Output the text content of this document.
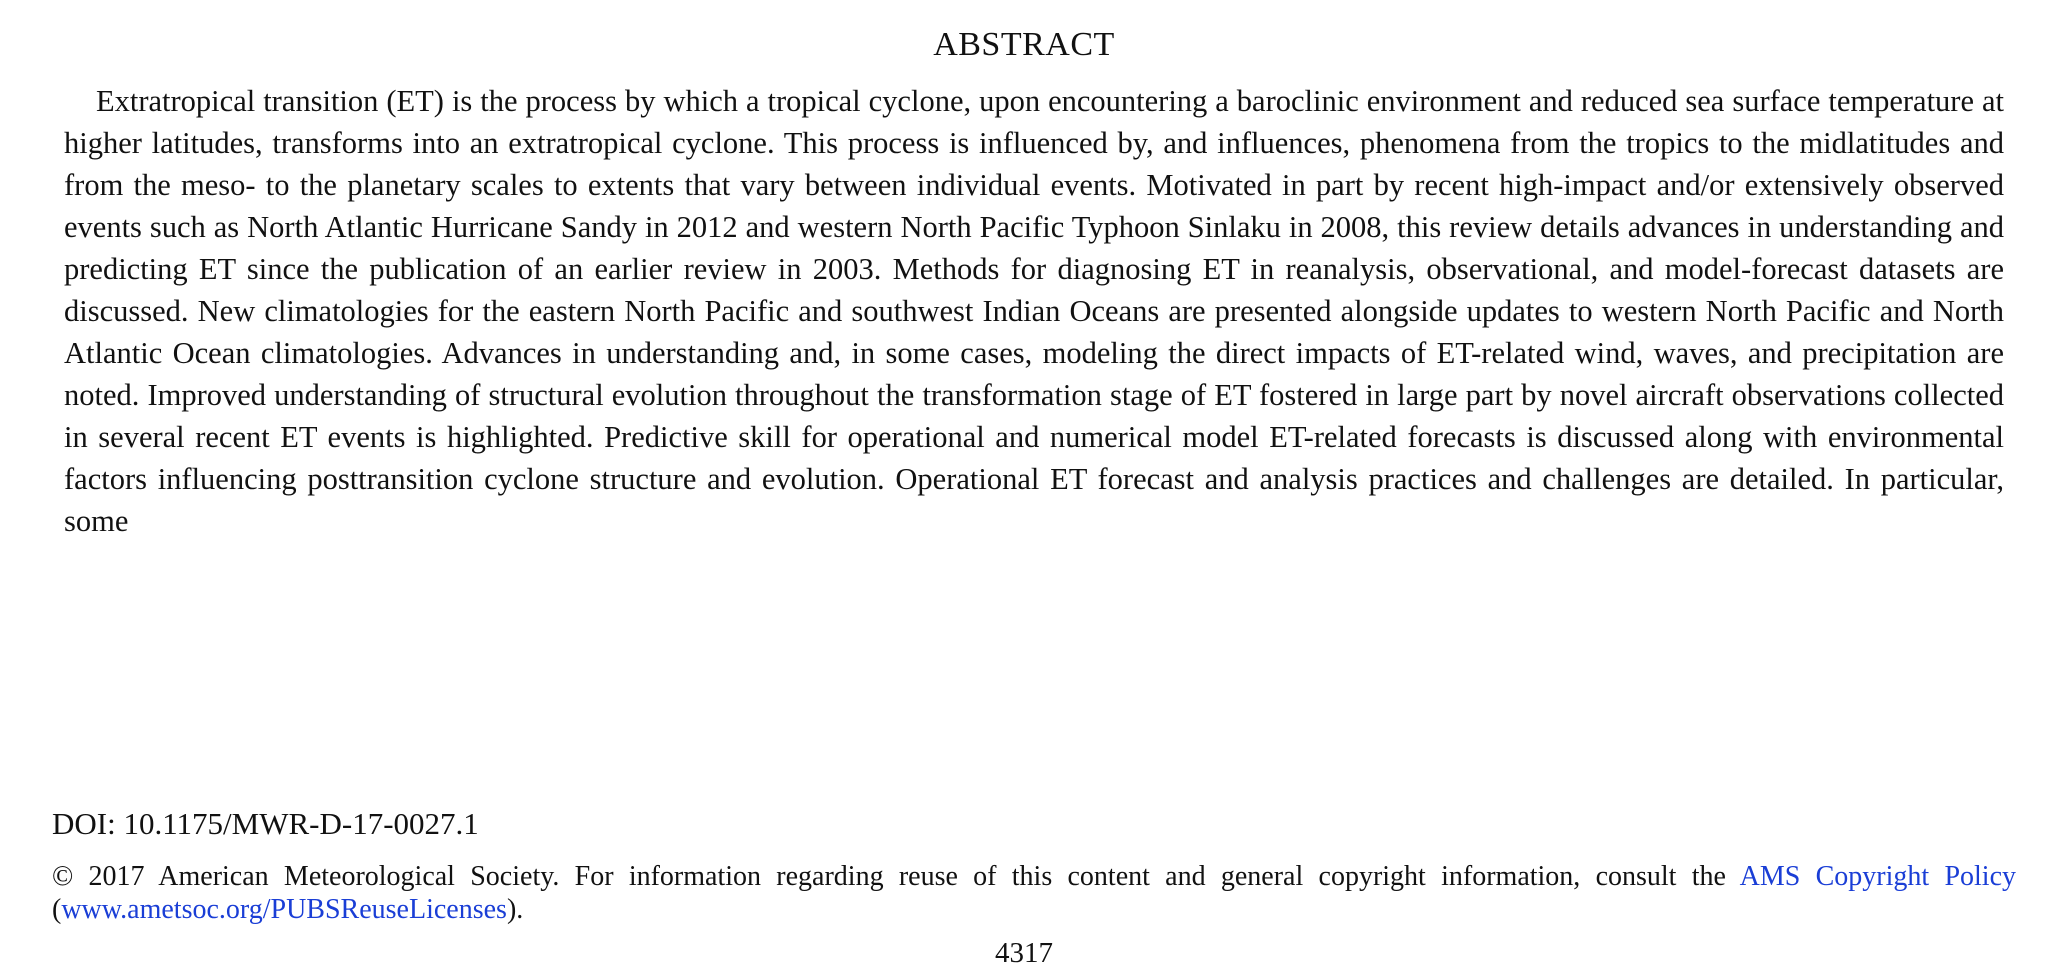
ABSTRACT

Extratropical transition (ET) is the process by which a tropical cyclone, upon encountering a baroclinic environment and reduced sea surface temperature at higher latitudes, transforms into an extratropical cyclone. This process is influenced by, and influences, phenomena from the tropics to the midlatitudes and from the meso- to the planetary scales to extents that vary between individual events. Motivated in part by recent high-impact and/or extensively observed events such as North Atlantic Hurricane Sandy in 2012 and western North Pacific Typhoon Sinlaku in 2008, this review details advances in understanding and predicting ET since the publication of an earlier review in 2003. Methods for diagnosing ET in reanalysis, observational, and model-forecast datasets are discussed. New climatologies for the eastern North Pacific and southwest Indian Oceans are presented alongside updates to western North Pacific and North Atlantic Ocean climatologies. Advances in understanding and, in some cases, modeling the direct impacts of ET-related wind, waves, and precipitation are noted. Improved understanding of structural evolution throughout the transformation stage of ET fostered in large part by novel aircraft observations collected in several recent ET events is highlighted. Predictive skill for operational and numerical model ET-related forecasts is discussed along with environmental factors influencing posttransition cyclone structure and evolution. Operational ET forecast and analysis practices and challenges are detailed. In particular, some

DOI: 10.1175/MWR-D-17-0027.1

© 2017 American Meteorological Society. For information regarding reuse of this content and general copyright information, consult the AMS Copyright Policy (www.ametsoc.org/PUBSReuseLicenses).

4317
